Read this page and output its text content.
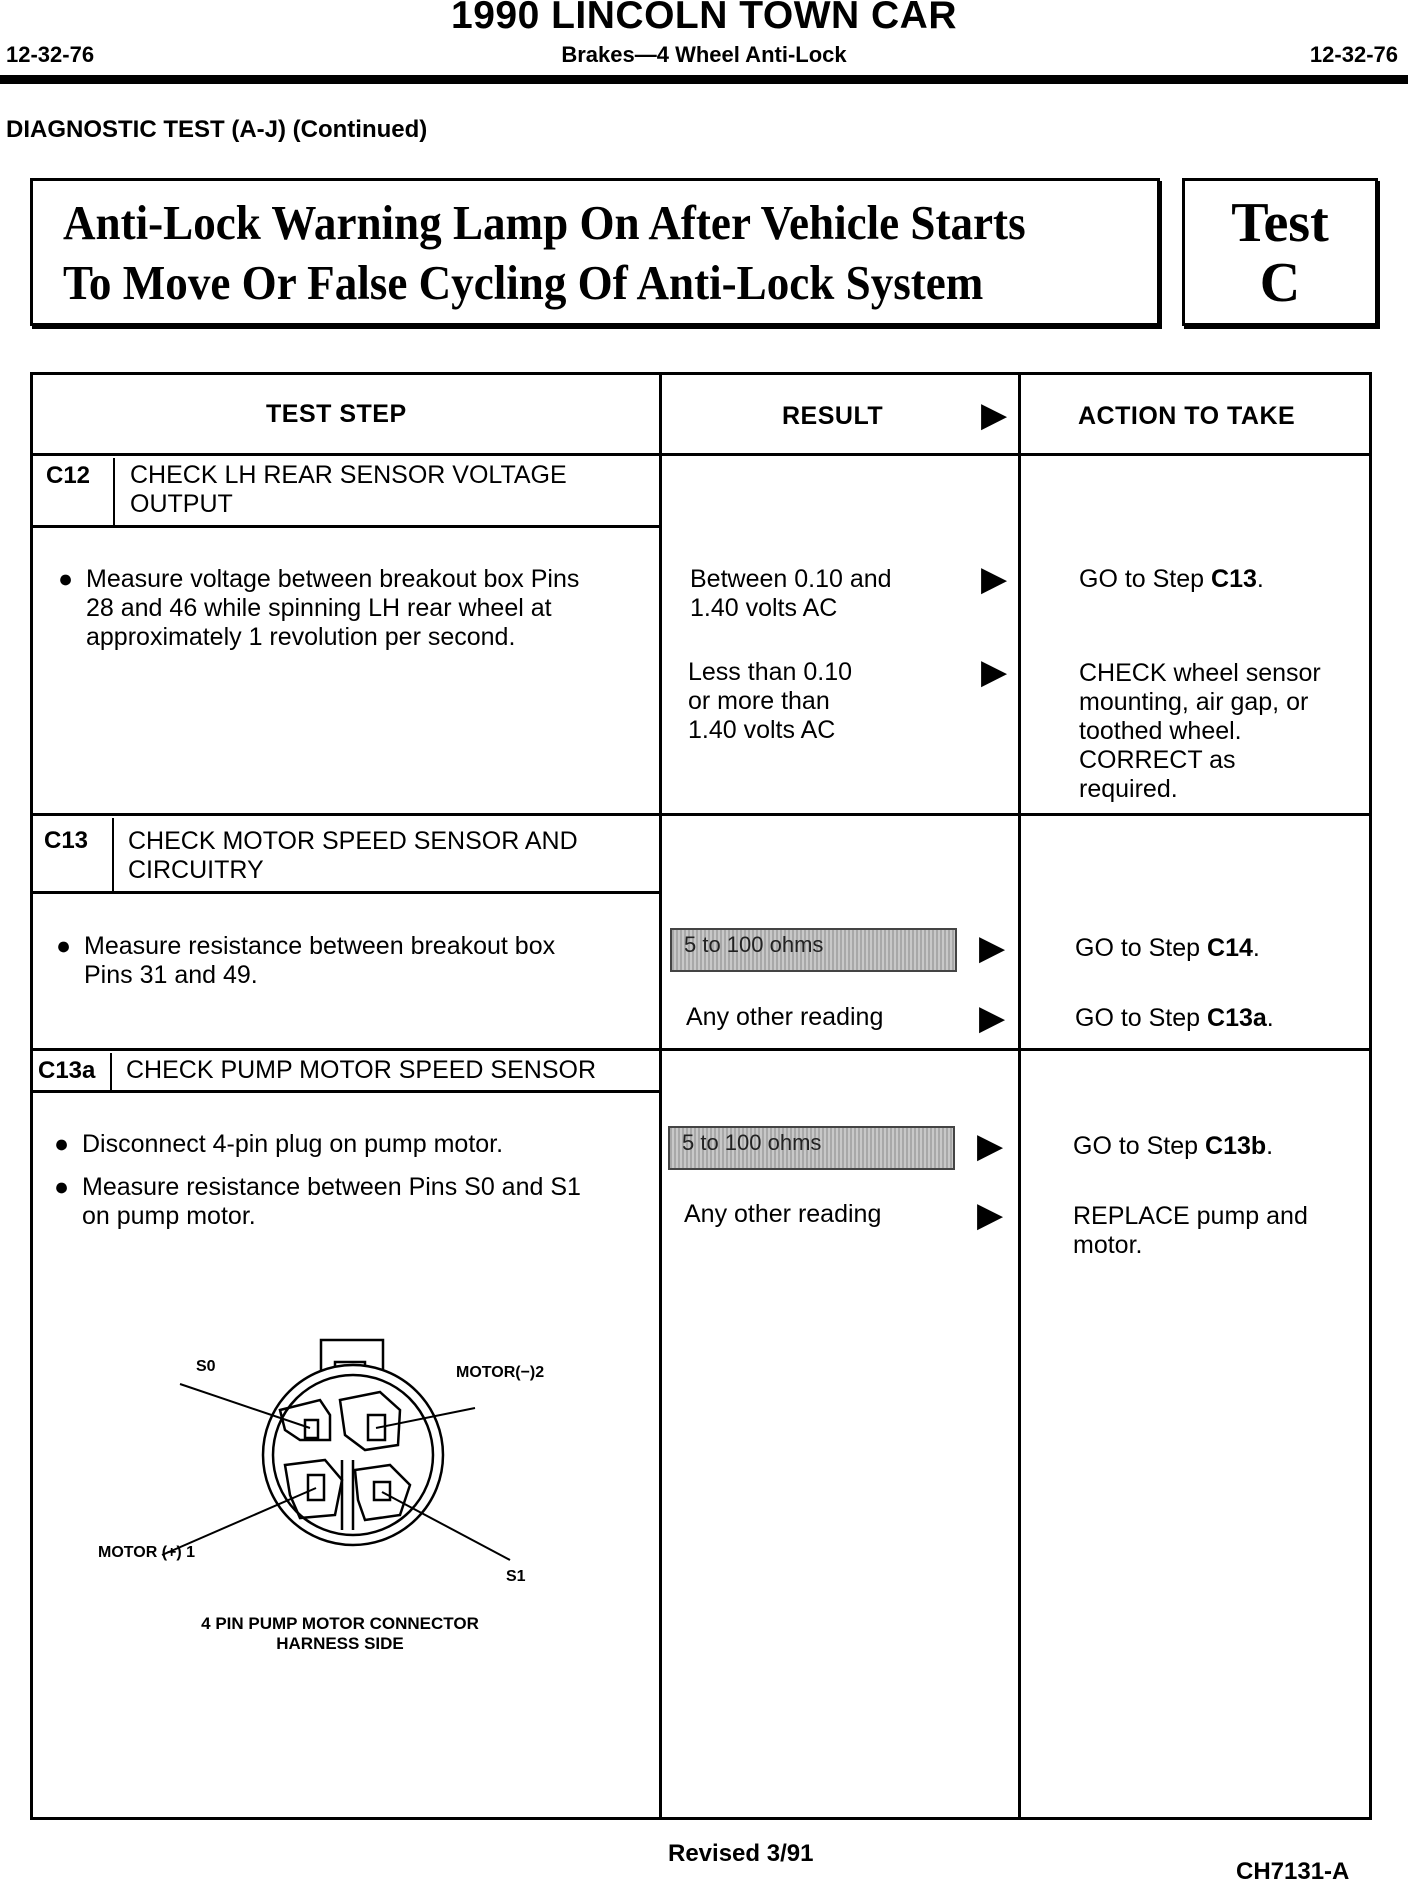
1990 LINCOLN TOWN CAR
12-32-76	Brakes—4 Wheel Anti-Lock	12-32-76
DIAGNOSTIC TEST (A-J) (Continued)
Anti-Lock Warning Lamp On After Vehicle Starts
To Move Or False Cycling Of Anti-Lock System
Test
C
TEST STEP	RESULT	▶	ACTION TO TAKE
C12 CHECK LH REAR SENSOR VOLTAGE
OUTPUT
● Measure voltage between breakout box Pins
28 and 46 while spinning LH rear wheel at
approximately 1 revolution per second.
Between 0.10 and
1.40 volts AC
▶	GO to Step C13.
Less than 0.10
or more than
1.40 volts AC
▶	CHECK wheel sensor
mounting, air gap, or
toothed wheel.
CORRECT as
required.
C13 CHECK MOTOR SPEED SENSOR AND
CIRCUITRY
● Measure resistance between breakout box
Pins 31 and 49.
5 to 100 ohms	▶	GO to Step C14.
Any other reading	▶	GO to Step C13a.
C13a CHECK PUMP MOTOR SPEED SENSOR
● Disconnect 4-pin plug on pump motor.
● Measure resistance between Pins S0 and S1
on pump motor.
5 to 100 ohms	▶	GO to Step C13b.
Any other reading	▶	REPLACE pump and
motor.
S0	MOTOR(−)2
MOTOR (+) 1
S1
4 PIN PUMP MOTOR CONNECTOR
HARNESS SIDE
Revised 3/91
CH7131-A
